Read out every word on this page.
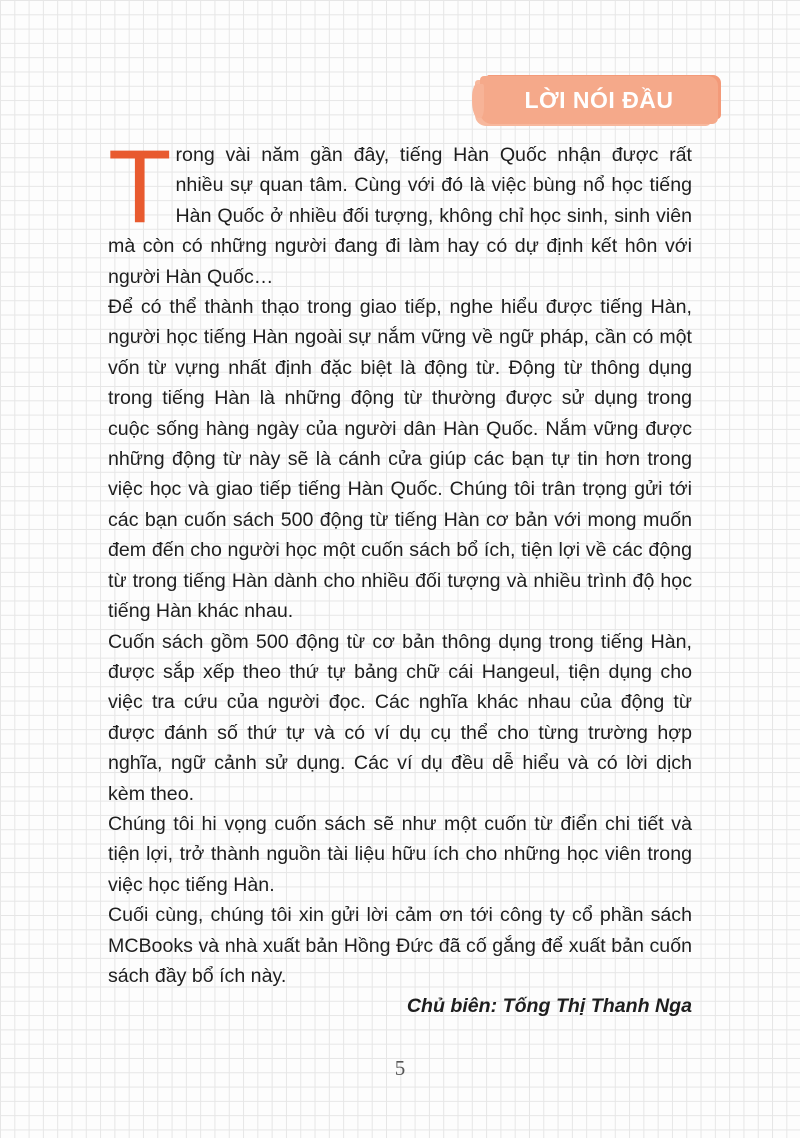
LỜI NÓI ĐẦU

Trong vài năm gần đây, tiếng Hàn Quốc nhận được rất nhiều sự quan tâm. Cùng với đó là việc bùng nổ học tiếng Hàn Quốc ở nhiều đối tượng, không chỉ học sinh, sinh viên mà còn có những người đang đi làm hay có dự định kết hôn với người Hàn Quốc…

Để có thể thành thạo trong giao tiếp, nghe hiểu được tiếng Hàn, người học tiếng Hàn ngoài sự nắm vững về ngữ pháp, cần có một vốn từ vựng nhất định đặc biệt là động từ. Động từ thông dụng trong tiếng Hàn là những động từ thường được sử dụng trong cuộc sống hàng ngày của người dân Hàn Quốc. Nắm vững được những động từ này sẽ là cánh cửa giúp các bạn tự tin hơn trong việc học và giao tiếp tiếng Hàn Quốc. Chúng tôi trân trọng gửi tới các bạn cuốn sách 500 động từ tiếng Hàn cơ bản với mong muốn đem đến cho người học một cuốn sách bổ ích, tiện lợi về các động từ trong tiếng Hàn dành cho nhiều đối tượng và nhiều trình độ học tiếng Hàn khác nhau.

Cuốn sách gồm 500 động từ cơ bản thông dụng trong tiếng Hàn, được sắp xếp theo thứ tự bảng chữ cái Hangeul, tiện dụng cho việc tra cứu của người đọc. Các nghĩa khác nhau của động từ được đánh số thứ tự và có ví dụ cụ thể cho từng trường hợp nghĩa, ngữ cảnh sử dụng. Các ví dụ đều dễ hiểu và có lời dịch kèm theo.

Chúng tôi hi vọng cuốn sách sẽ như một cuốn từ điển chi tiết và tiện lợi, trở thành nguồn tài liệu hữu ích cho những học viên trong việc học tiếng Hàn.

Cuối cùng, chúng tôi xin gửi lời cảm ơn tới công ty cổ phần sách MCBooks và nhà xuất bản Hồng Đức đã cố gắng để xuất bản cuốn sách đầy bổ ích này.

Chủ biên: Tống Thị Thanh Nga

5
